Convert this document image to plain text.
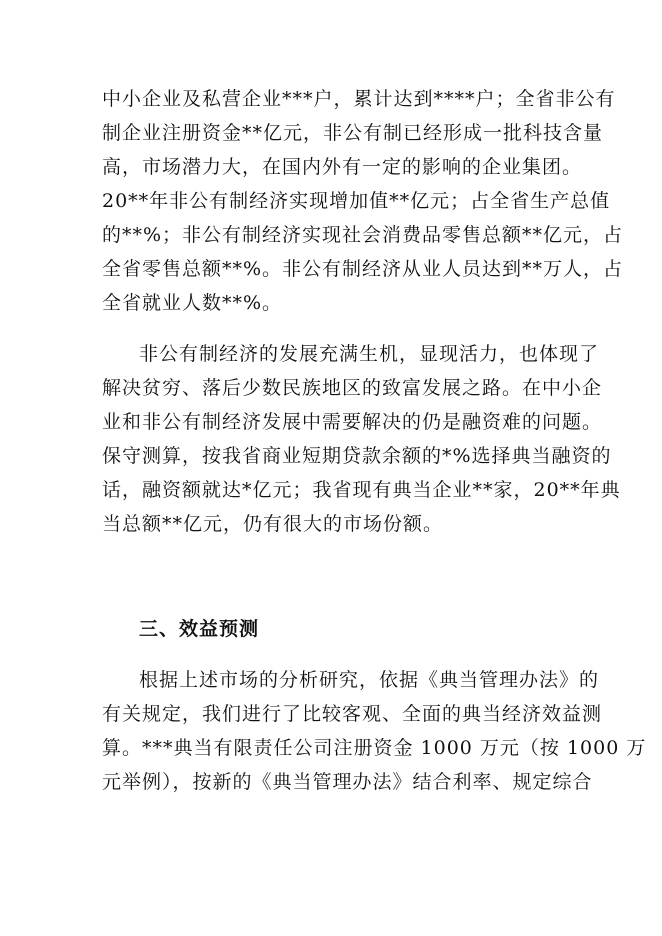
中小企业及私营企业***户，累计达到****户；全省非公有
制企业注册资金**亿元，非公有制已经形成一批科技含量
高，市场潜力大，在国内外有一定的影响的企业集团。
20**年非公有制经济实现增加值**亿元；占全省生产总值
的**%；非公有制经济实现社会消费品零售总额**亿元，占
全省零售总额**%。非公有制经济从业人员达到**万人，占
全省就业人数**%。
非公有制经济的发展充满生机，显现活力，也体现了
解决贫穷、落后少数民族地区的致富发展之路。在中小企
业和非公有制经济发展中需要解决的仍是融资难的问题。
保守测算，按我省商业短期贷款余额的*%选择典当融资的
话，融资额就达*亿元；我省现有典当企业**家，20**年典
当总额**亿元，仍有很大的市场份额。
三、效益预测
根据上述市场的分析研究，依据《典当管理办法》的
有关规定，我们进行了比较客观、全面的典当经济效益测
算。***典当有限责任公司注册资金 1000 万元（按 1000 万
元举例），按新的《典当管理办法》结合利率、规定综合
